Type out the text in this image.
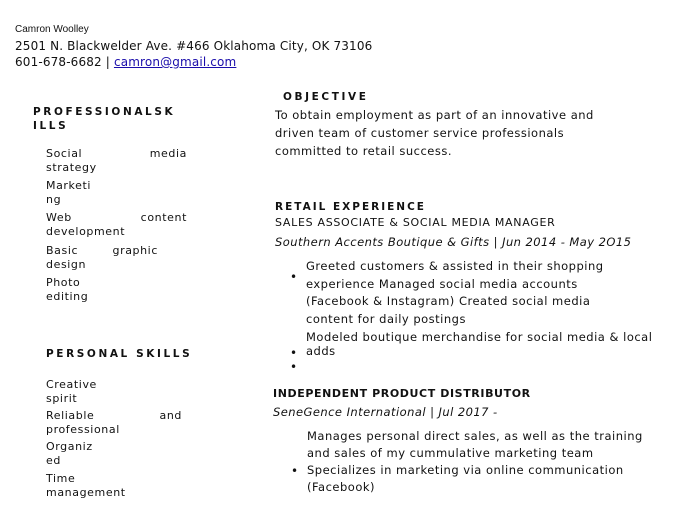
Camron Woolley
2501 N. Blackwelder Ave. #466 Oklahoma City, OK 73106
601-678-6682 | camron@gmail.com
PROFESSIONALSK
ILLS
Social	media
strategy
Marketi
ng
Web	content
development
Basic	graphic
design
Photo
editing
PERSONAL SKILLS
Creative
spirit
Reliable	and
professional
Organiz
ed
Time
management
OBJECTIVE
To obtain employment as part of an innovative and
driven team of customer service professionals
committed to retail success.
RETAIL EXPERIENCE
SALES ASSOCIATE & SOCIAL MEDIA MANAGER
Southern Accents Boutique & Gifts | Jun 2014 - May 2O15
•
•
•
Greeted customers & assisted in their shopping
experience Managed social media accounts
(Facebook & Instagram) Created social media
content for daily postings
Modeled boutique merchandise for social media & local
adds
INDEPENDENT PRODUCT DISTRIBUTOR
SeneGence International | Jul 2017 -
•
Manages personal direct sales, as well as the training
and sales of my cummulative marketing team
Specializes in marketing via online communication
(Facebook)
